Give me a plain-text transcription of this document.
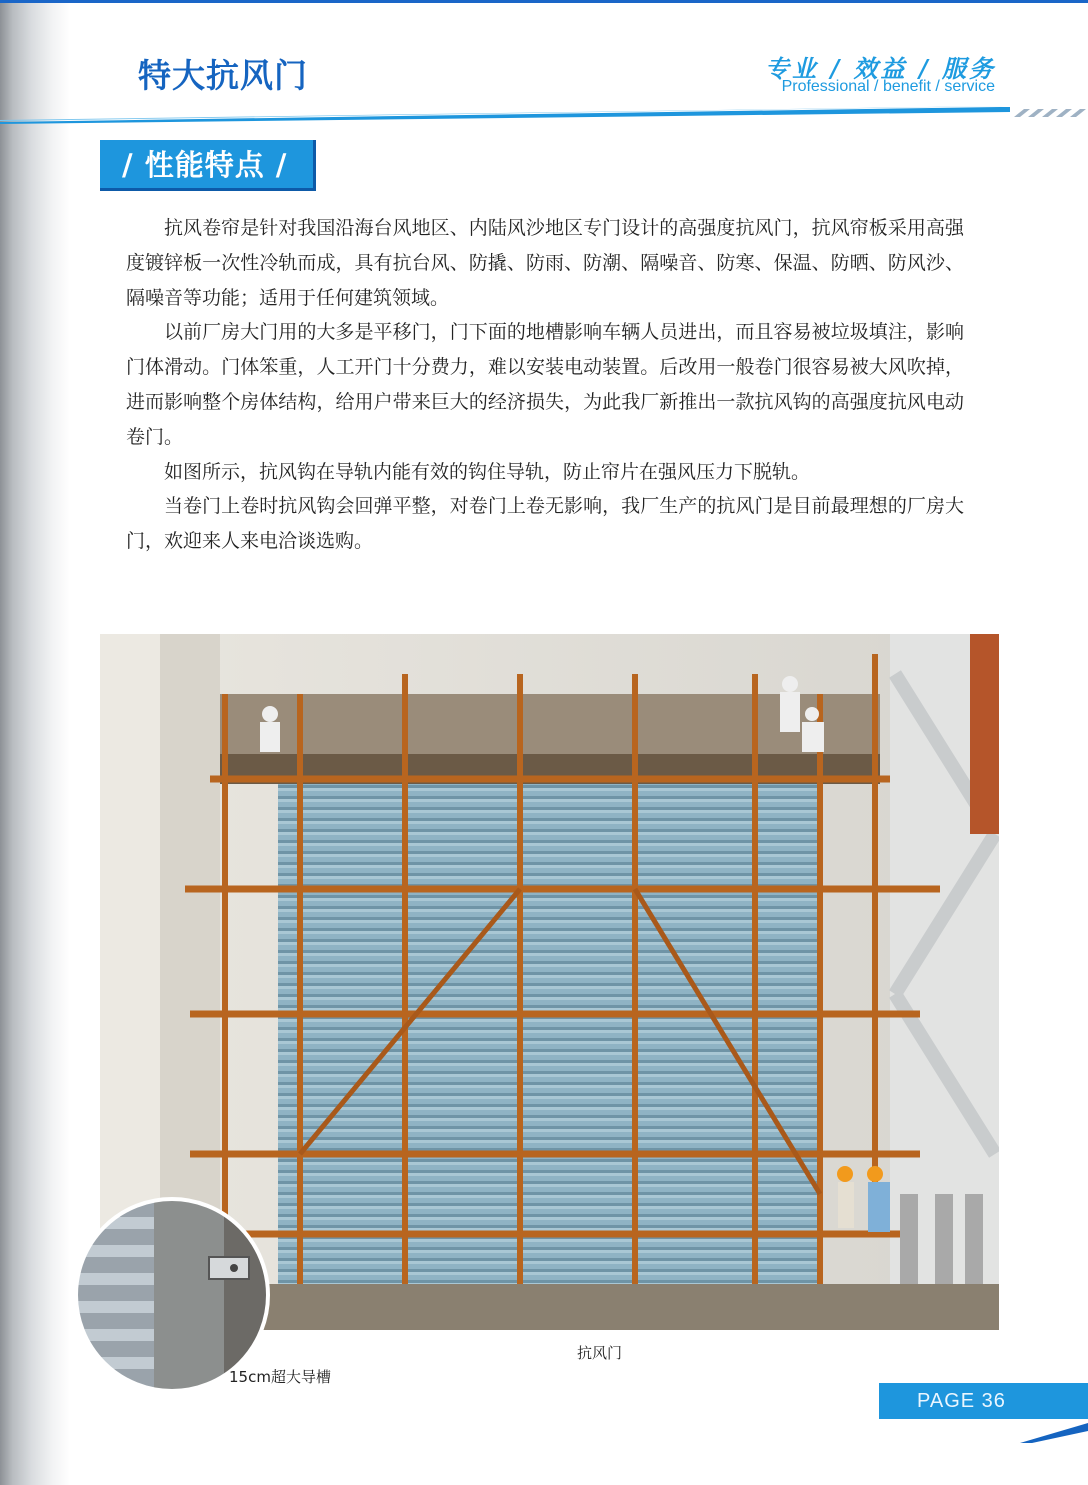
特大抗风门	专业 / 效益 / 服务

Professional / benefit / service

/ 性能特点 /

抗风卷帘是针对我国沿海台风地区、内陆风沙地区专门设计的高强度抗风门，抗风帘板采用高强度镀锌板一次性冷轨而成，具有抗台风、防撬、防雨、防潮、隔噪音、防寒、保温、防晒、防风沙、隔噪音等功能；适用于任何建筑领域。

以前厂房大门用的大多是平移门，门下面的地槽影响车辆人员进出，而且容易被垃圾填注，影响门体滑动。门体笨重，人工开门十分费力，难以安装电动装置。后改用一般卷门很容易被大风吹掉，进而影响整个房体结构，给用户带来巨大的经济损失，为此我厂新推出一款抗风钩的高强度抗风电动卷门。

如图所示，抗风钩在导轨内能有效的钩住导轨，防止帘片在强风压力下脱轨。

当卷门上卷时抗风钩会回弹平整，对卷门上卷无影响，我厂生产的抗风门是目前最理想的厂房大门，欢迎来人来电洽谈选购。

抗风门

15cm超大导槽

PAGE 36
